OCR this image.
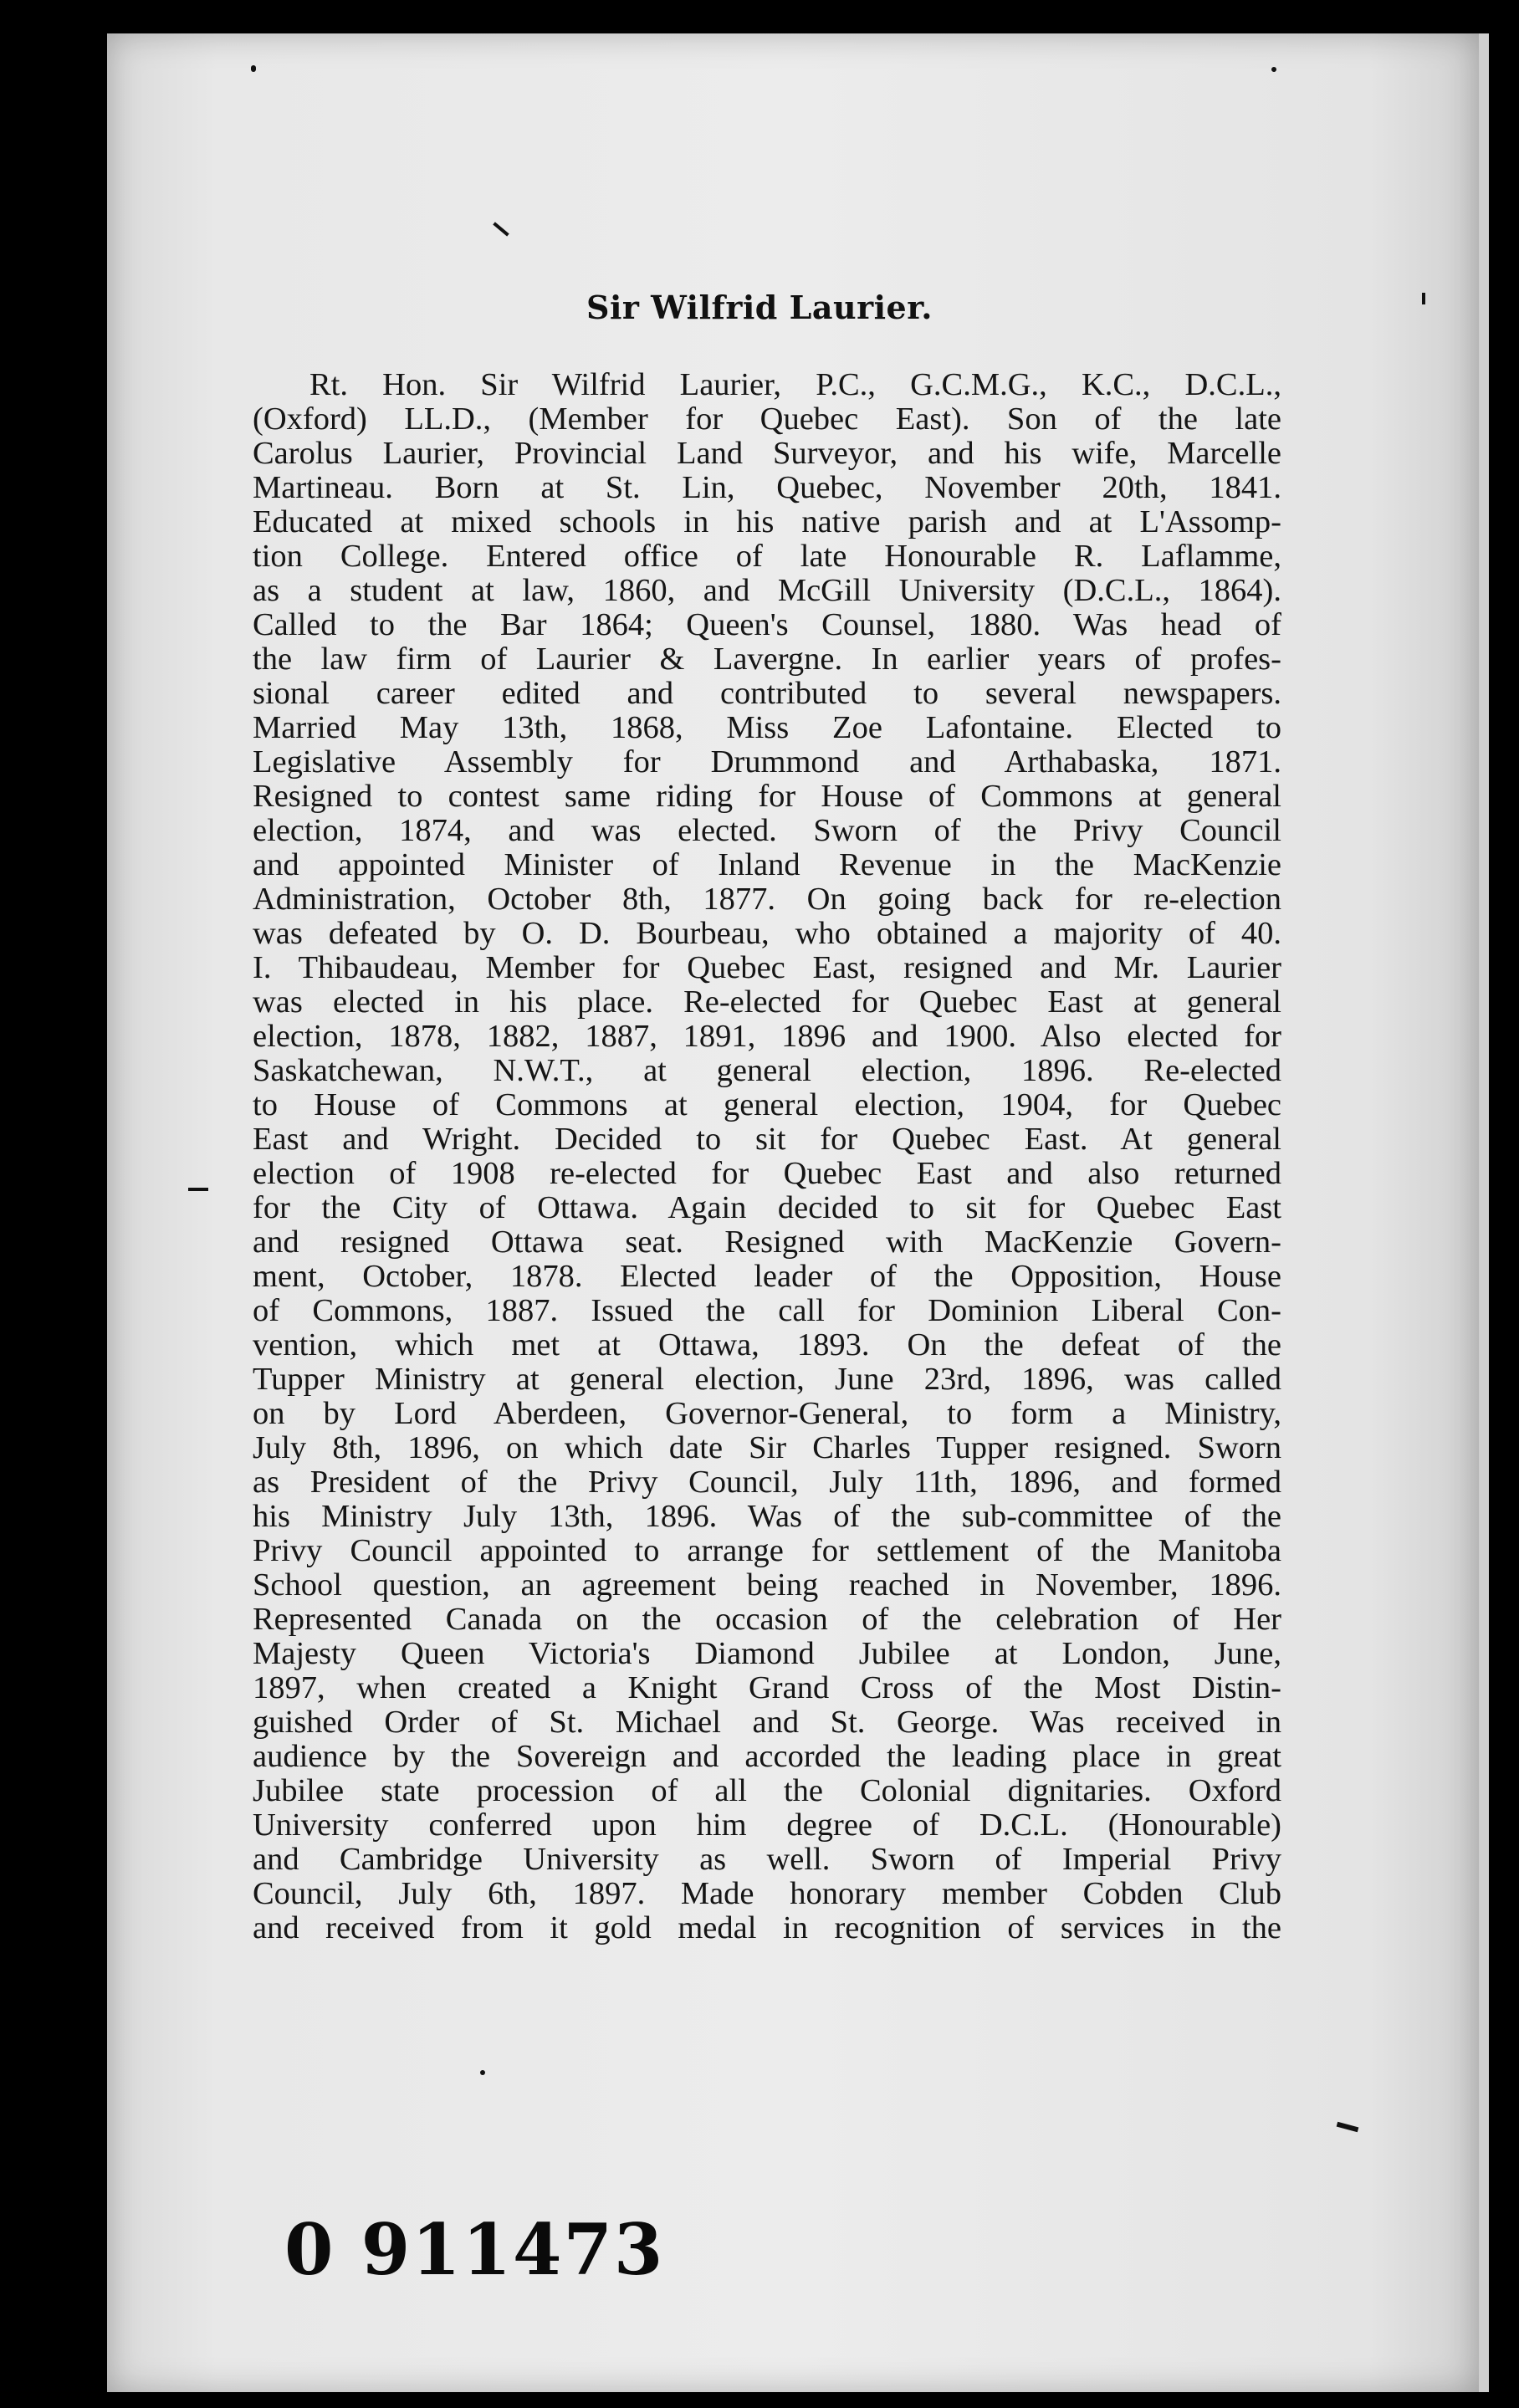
Sir Wilfrid Laurier.
Rt. Hon. Sir Wilfrid Laurier, P.C., G.C.M.G., K.C., D.C.L.,
(Oxford) LL.D., (Member for Quebec East). Son of the late
Carolus Laurier, Provincial Land Surveyor, and his wife, Marcelle
Martineau. Born at St. Lin, Quebec, November 20th, 1841.
Educated at mixed schools in his native parish and at L'Assomp-
tion College. Entered office of late Honourable R. Laflamme,
as a student at law, 1860, and McGill University (D.C.L., 1864).
Called to the Bar 1864; Queen's Counsel, 1880. Was head of
the law firm of Laurier & Lavergne. In earlier years of profes-
sional career edited and contributed to several newspapers.
Married May 13th, 1868, Miss Zoe Lafontaine. Elected to
Legislative Assembly for Drummond and Arthabaska, 1871.
Resigned to contest same riding for House of Commons at general
election, 1874, and was elected. Sworn of the Privy Council
and appointed Minister of Inland Revenue in the MacKenzie
Administration, October 8th, 1877. On going back for re-election
was defeated by O. D. Bourbeau, who obtained a majority of 40.
I. Thibaudeau, Member for Quebec East, resigned and Mr. Laurier
was elected in his place. Re-elected for Quebec East at general
election, 1878, 1882, 1887, 1891, 1896 and 1900. Also elected for
Saskatchewan, N.W.T., at general election, 1896. Re-elected
to House of Commons at general election, 1904, for Quebec
East and Wright. Decided to sit for Quebec East. At general
election of 1908 re-elected for Quebec East and also returned
for the City of Ottawa. Again decided to sit for Quebec East
and resigned Ottawa seat. Resigned with MacKenzie Govern-
ment, October, 1878. Elected leader of the Opposition, House
of Commons, 1887. Issued the call for Dominion Liberal Con-
vention, which met at Ottawa, 1893. On the defeat of the
Tupper Ministry at general election, June 23rd, 1896, was called
on by Lord Aberdeen, Governor-General, to form a Ministry,
July 8th, 1896, on which date Sir Charles Tupper resigned. Sworn
as President of the Privy Council, July 11th, 1896, and formed
his Ministry July 13th, 1896. Was of the sub-committee of the
Privy Council appointed to arrange for settlement of the Manitoba
School question, an agreement being reached in November, 1896.
Represented Canada on the occasion of the celebration of Her
Majesty Queen Victoria's Diamond Jubilee at London, June,
1897, when created a Knight Grand Cross of the Most Distin-
guished Order of St. Michael and St. George. Was received in
audience by the Sovereign and accorded the leading place in great
Jubilee state procession of all the Colonial dignitaries. Oxford
University conferred upon him degree of D.C.L. (Honourable)
and Cambridge University as well. Sworn of Imperial Privy
Council, July 6th, 1897. Made honorary member Cobden Club
and received from it gold medal in recognition of services in the
0 911473
